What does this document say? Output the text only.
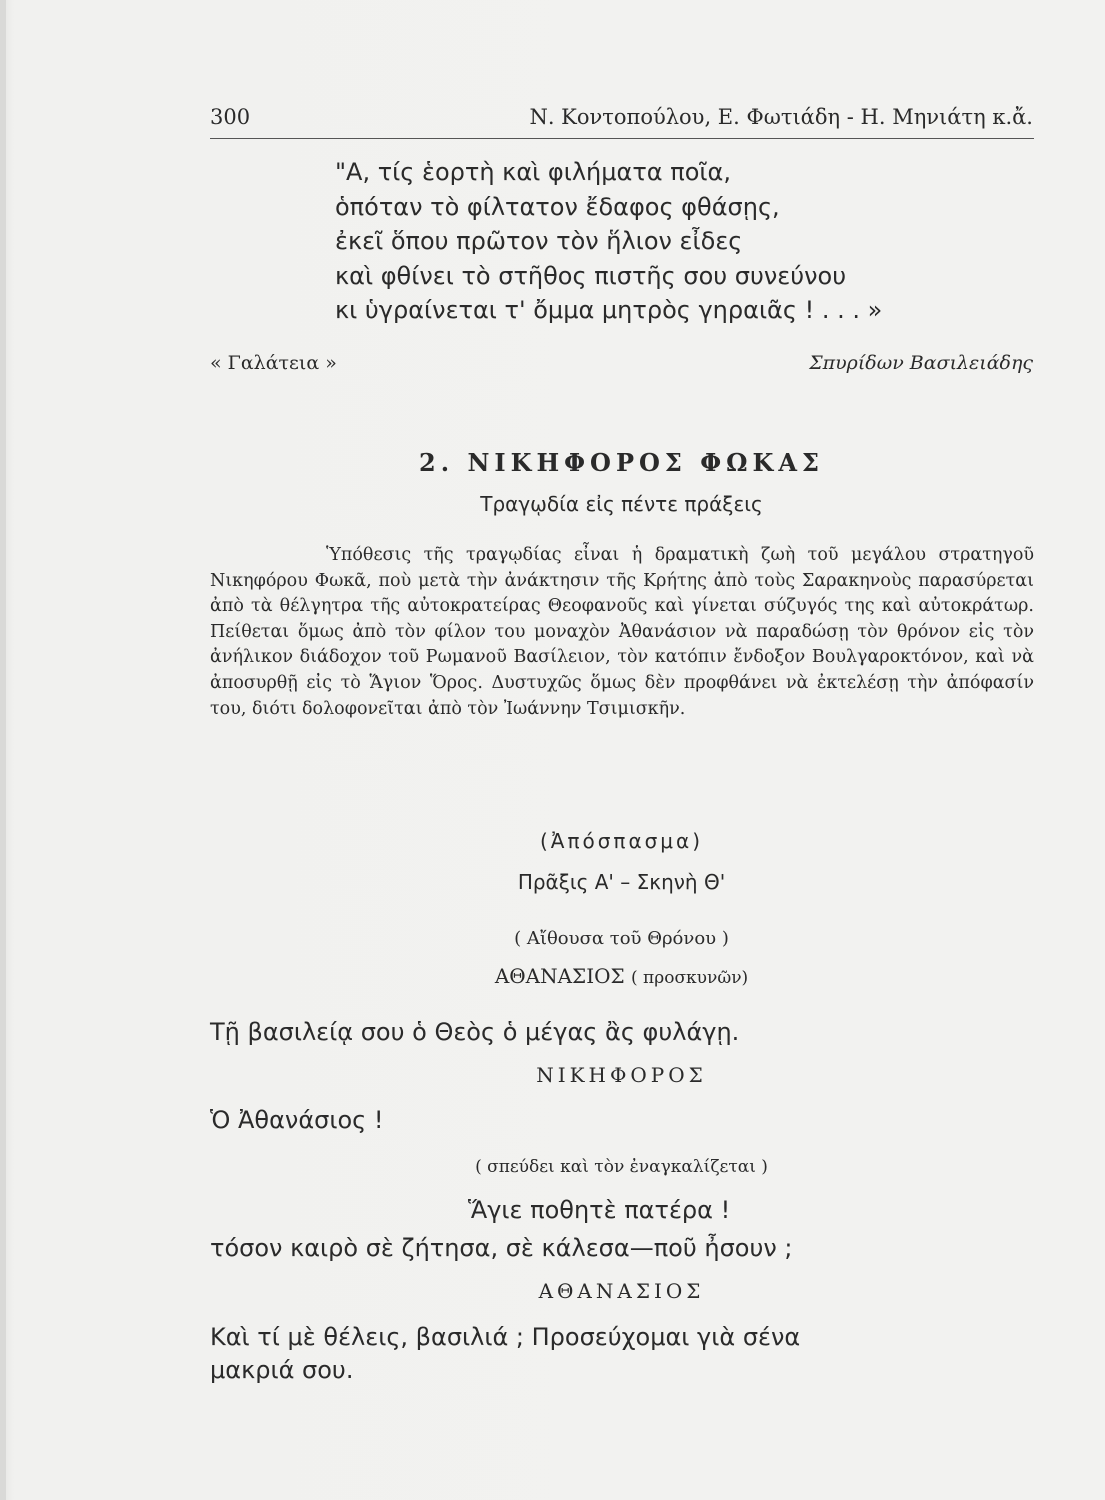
300	Ν. Κοντοπούλου, Ε. Φωτιάδη - Η. Μηνιάτη κ.ἄ.
"Α, τίς ἑορτὴ καὶ φιλήματα ποῖα,
ὁπόταν τὸ φίλτατον ἔδαφος φθάσῃς,
ἐκεῖ ὅπου πρῶτον τὸν ἥλιον εἶδες
καὶ φθίνει τὸ στῆθος πιστῆς σου συνεύνου
κι ὑγραίνεται τ' ὄμμα μητρὸς γηραιᾶς ! . . . »
« Γαλάτεια »	Σπυρίδων Βασιλειάδης
2. ΝΙΚΗΦΟΡΟΣ ΦΩΚΑΣ
Τραγῳδία εἰς πέντε πράξεις
Ὑπόθεσις τῆς τραγῳδίας εἶναι ἡ δραματικὴ ζωὴ τοῦ μεγάλου στρατηγοῦ Νικηφόρου Φωκᾶ, ποὺ μετὰ τὴν ἀνάκτησιν τῆς Κρήτης ἀπὸ τοὺς Σαρακηνοὺς παρασύρεται ἀπὸ τὰ θέλγητρα τῆς αὐτοκρατείρας Θεοφανοῦς καὶ γίνεται σύζυγός της καὶ αὐτοκράτωρ. Πείθεται ὅμως ἀπὸ τὸν φίλον του μοναχὸν Ἀθανάσιον νὰ παραδώσῃ τὸν θρόνον εἰς τὸν ἀνήλικον διάδοχον τοῦ Ρωμανοῦ Βασίλειον, τὸν κατόπιν ἔνδοξον Βουλγαροκτόνον, καὶ νὰ ἀποσυρθῇ εἰς τὸ Ἅγιον Ὅρος. Δυστυχῶς ὅμως δὲν προφθάνει νὰ ἐκτελέσῃ τὴν ἀπόφασίν του, διότι δολοφονεῖται ἀπὸ τὸν Ἰωάννην Τσιμισκῆν.
(Ἀπόσπασμα)
Πρᾶξις Α' – Σκηνὴ Θ'
( Αἴθουσα τοῦ Θρόνου )
ΑΘΑΝΑΣΙΟΣ ( προσκυνῶν)
Τῇ βασιλείᾳ σου ὁ Θεὸς ὁ μέγας ἂς φυλάγῃ.
ΝΙΚΗΦΟΡΟΣ
Ὁ Ἀθανάσιος !
( σπεύδει καὶ τὸν ἐναγκαλίζεται )
Ἅγιε ποθητὲ πατέρα !
τόσον καιρὸ σὲ ζήτησα, σὲ κάλεσα—ποῦ ἦσουν ;
ΑΘΑΝΑΣΙΟΣ
Καὶ τί μὲ θέλεις, βασιλιά ; Προσεύχομαι γιὰ σένα
μακριά σου.
